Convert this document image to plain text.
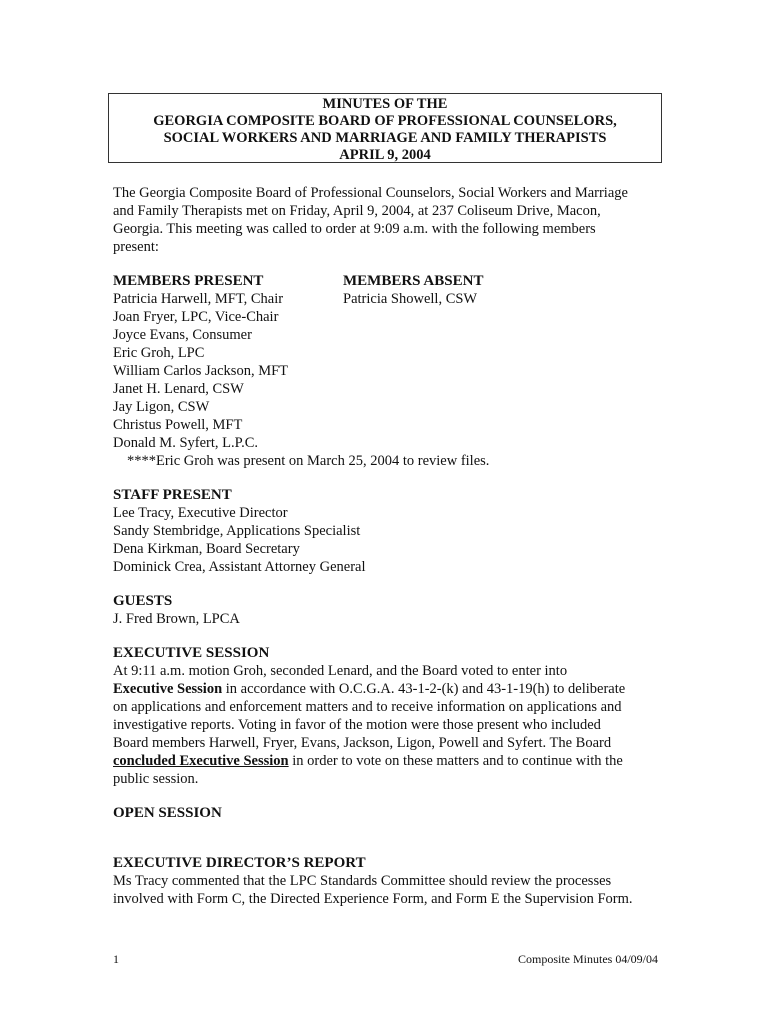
MINUTES OF THE
GEORGIA COMPOSITE BOARD OF PROFESSIONAL COUNSELORS,
SOCIAL WORKERS AND MARRIAGE AND FAMILY THERAPISTS
APRIL 9, 2004

The Georgia Composite Board of Professional Counselors, Social Workers and Marriage

and Family Therapists met on Friday, April 9, 2004, at 237 Coliseum Drive, Macon,

Georgia. This meeting was called to order at 9:09 a.m. with the following members

present:

MEMBERS PRESENT

Patricia Harwell, MFT, Chair

Joan Fryer, LPC, Vice-Chair

Joyce Evans, Consumer

Eric Groh, LPC

William Carlos Jackson, MFT

Janet H. Lenard, CSW

Jay Ligon, CSW

Christus Powell, MFT

Donald M. Syfert, L.P.C.

****Eric Groh was present on March 25, 2004 to review files.

MEMBERS ABSENT

Patricia Showell, CSW

STAFF PRESENT

Lee Tracy, Executive Director

Sandy Stembridge, Applications Specialist

Dena Kirkman, Board Secretary

Dominick Crea, Assistant Attorney General

GUESTS

J. Fred Brown, LPCA

EXECUTIVE SESSION

At 9:11 a.m. motion Groh, seconded Lenard, and the Board voted to enter into

Executive Session in accordance with O.C.G.A. 43-1-2-(k) and 43-1-19(h) to deliberate

on applications and enforcement matters and to receive information on applications and

investigative reports. Voting in favor of the motion were those present who included

Board members Harwell, Fryer, Evans, Jackson, Ligon, Powell and Syfert. The Board

concluded Executive Session in order to vote on these matters and to continue with the

public session.

OPEN SESSION

EXECUTIVE DIRECTOR’S REPORT

Ms Tracy commented that the LPC Standards Committee should review the processes

involved with Form C, the Directed Experience Form, and Form E the Supervision Form.

1	Composite Minutes 04/09/04
